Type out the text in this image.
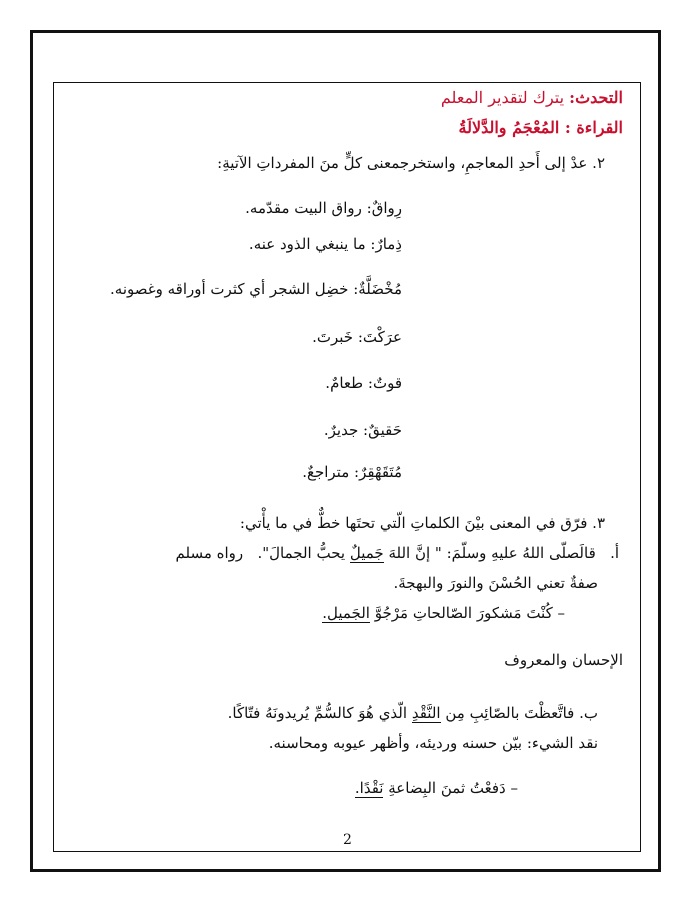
التحدث: يترك لتقدير المعلم
القراءة : المُعْجَمُ والدَّلالَةُ
٢. عدْ إلى أَحدِ المعاجمِ، واستخرجمعنى كلٍّ منَ المفرداتِ الآتيةِ:
رِواقٌ: رواق البيت مقدّمه.
ذِمارٌ: ما ينبغي الذود عنه.
مُخْضَلَّةٌ: خضِل الشجر أي كثرت أوراقه وغصونه.
عرَكْتَ: خَبرتَ.
قوتٌ: طعامٌ.
حَقيقٌ: جديرٌ.
مُتَقَهْقِرٌ: متراجعٌ.
٣. فرّق في المعنى بيْنَ الكلماتِ الّتي تحتَها خطٌّ في ما يأْتي:
أ.   قالَصلّى اللهُ عليهِ وسلّمَ: " إنَّ اللهَ جَميلٌ يحبُّ الجمالَ".   رواه مسلم
صفةٌ تعني الحُسْنَ والنورَ والبهجةَ.
– كُنْتَ مَشكورَ الصّالحاتِ مَرْجُوَّ الجَميل.
الإحسان والمعروف
ب. فاتَّعظْتَ بالصّائِبِ مِن النَّقْدِ الّذي هُوَ كالسُّمِّ يُريدونَهُ فتّاكًا.
نقد الشيء: بيّن حسنه ورديئه، وأظهر عيوبه ومحاسنه.
– دَفعْتُ ثمنَ البِضاعةِ نَقْدًا.
2
